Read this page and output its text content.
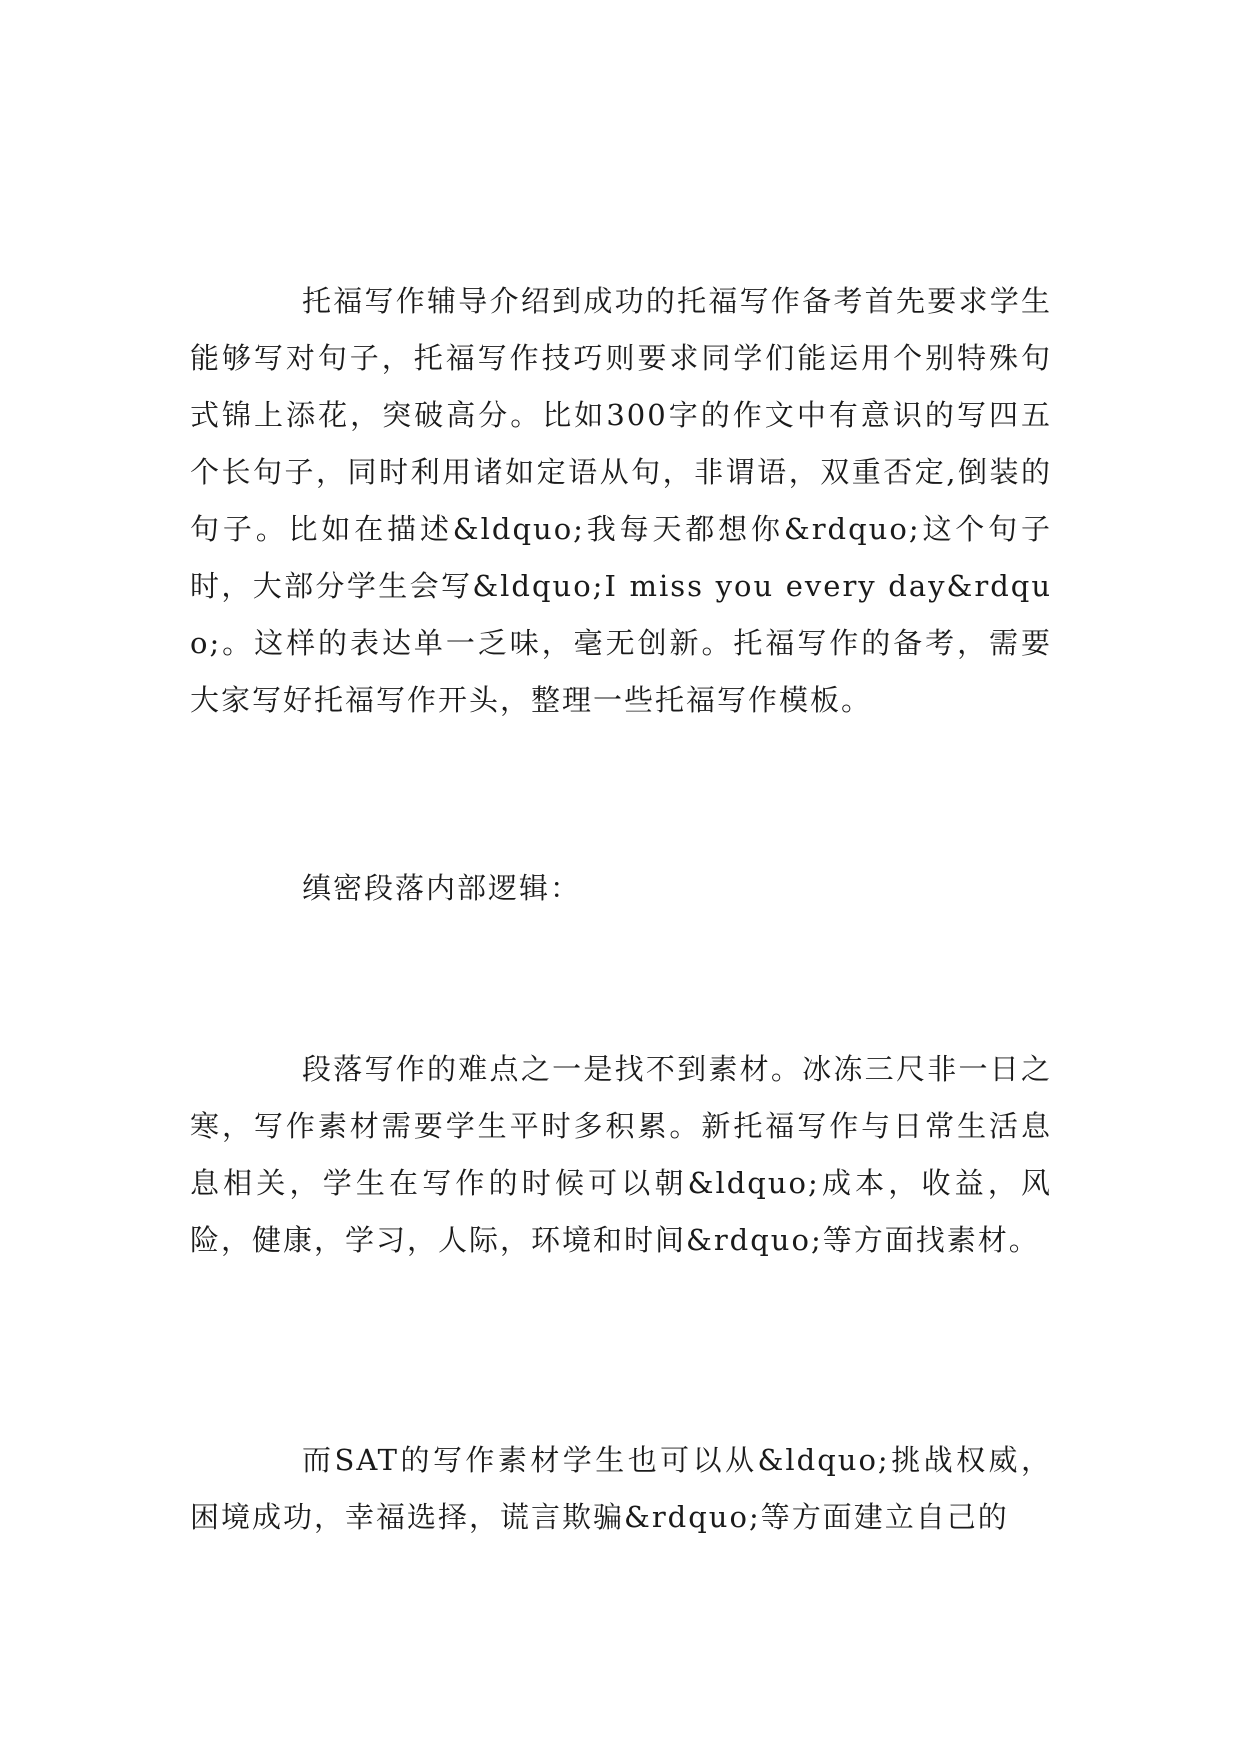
托福写作辅导介绍到成功的托福写作备考首先要求学生能够写对句子，托福写作技巧则要求同学们能运用个别特殊句式锦上添花，突破高分。比如300字的作文中有意识的写四五个长句子，同时利用诸如定语从句，非谓语，双重否定,倒装的句子。比如在描述&ldquo;我每天都想你&rdquo;这个句子时，大部分学生会写&ldquo;I miss you every day&rdquo;。这样的表达单一乏味，毫无创新。托福写作的备考，需要大家写好托福写作开头，整理一些托福写作模板。

缜密段落内部逻辑：

段落写作的难点之一是找不到素材。冰冻三尺非一日之寒，写作素材需要学生平时多积累。新托福写作与日常生活息息相关，学生在写作的时候可以朝&ldquo;成本，收益，风险，健康，学习，人际，环境和时间&rdquo;等方面找素材。

而SAT的写作素材学生也可以从&ldquo;挑战权威，困境成功，幸福选择，谎言欺骗&rdquo;等方面建立自己的
